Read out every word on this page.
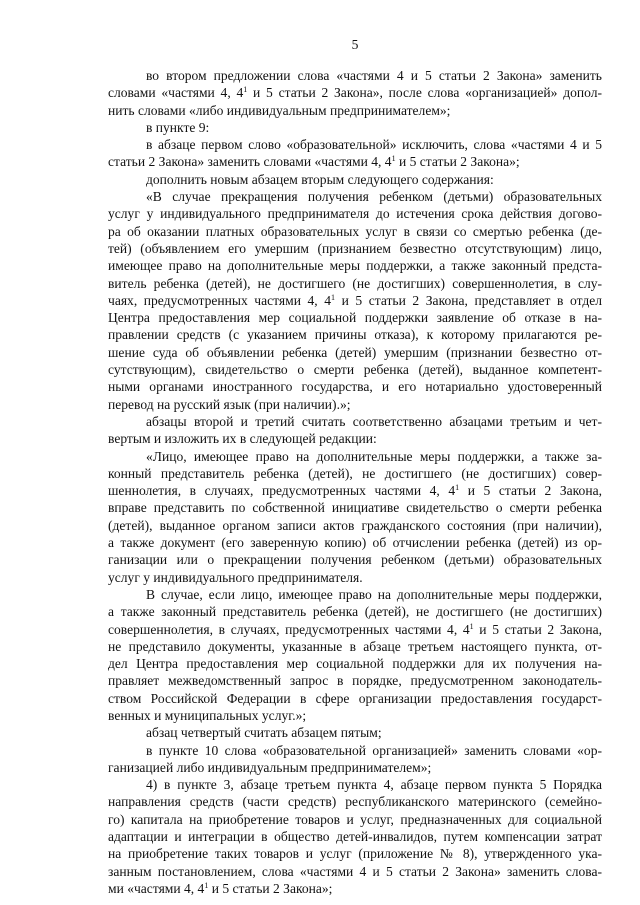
5
во втором предложении слова «частями 4 и 5 статьи 2 Закона» заменить
словами «частями 4, $4^1$ и 5 статьи 2 Закона», после слова «организацией» допол-
нить словами «либо индивидуальным предпринимателем»;
в пункте 9:
в абзаце первом слово «образовательной» исключить, слова «частями 4 и 5
статьи 2 Закона» заменить словами «частями 4, $4^1$ и 5 статьи 2 Закона»;
дополнить новым абзацем вторым следующего содержания:
«В случае прекращения получения ребенком (детьми) образовательных
услуг у индивидуального предпринимателя до истечения срока действия догово-
ра об оказании платных образовательных услуг в связи со смертью ребенка (де-
тей) (объявлением его умершим (признанием безвестно отсутствующим) лицо,
имеющее право на дополнительные меры поддержки, а также законный предста-
витель ребенка (детей), не достигшего (не достигших) совершеннолетия, в слу-
чаях, предусмотренных частями 4, $4^1$ и 5 статьи 2 Закона, представляет в отдел
Центра предоставления мер социальной поддержки заявление об отказе в на-
правлении средств (с указанием причины отказа), к которому прилагаются ре-
шение суда об объявлении ребенка (детей) умершим (признании безвестно от-
сутствующим), свидетельство о смерти ребенка (детей), выданное компетент-
ными органами иностранного государства, и его нотариально удостоверенный
перевод на русский язык (при наличии).»;
абзацы второй и третий считать соответственно абзацами третьим и чет-
вертым и изложить их в следующей редакции:
«Лицо, имеющее право на дополнительные меры поддержки, а также за-
конный представитель ребенка (детей), не достигшего (не достигших) совер-
шеннолетия, в случаях, предусмотренных частями 4, $4^1$ и 5 статьи 2 Закона,
вправе представить по собственной инициативе свидетельство о смерти ребенка
(детей), выданное органом записи актов гражданского состояния (при наличии),
а также документ (его заверенную копию) об отчислении ребенка (детей) из ор-
ганизации или о прекращении получения ребенком (детьми) образовательных
услуг у индивидуального предпринимателя.
В случае, если лицо, имеющее право на дополнительные меры поддержки,
а также законный представитель ребенка (детей), не достигшего (не достигших)
совершеннолетия, в случаях, предусмотренных частями 4, $4^1$ и 5 статьи 2 Закона,
не представило документы, указанные в абзаце третьем настоящего пункта, от-
дел Центра предоставления мер социальной поддержки для их получения на-
правляет межведомственный запрос в порядке, предусмотренном законодатель-
ством Российской Федерации в сфере организации предоставления государст-
венных и муниципальных услуг.»;
абзац четвертый считать абзацем пятым;
в пункте 10 слова «образовательной организацией» заменить словами «ор-
ганизацией либо индивидуальным предпринимателем»;
4) в пункте 3, абзаце третьем пункта 4, абзаце первом пункта 5 Порядка
направления средств (части средств) республиканского материнского (семейно-
го) капитала на приобретение товаров и услуг, предназначенных для социальной
адаптации и интеграции в общество детей-инвалидов, путем компенсации затрат
на приобретение таких товаров и услуг (приложение № 8), утвержденного ука-
занным постановлением, слова «частями 4 и 5 статьи 2 Закона» заменить слова-
ми «частями 4, $4^1$ и 5 статьи 2 Закона»;
